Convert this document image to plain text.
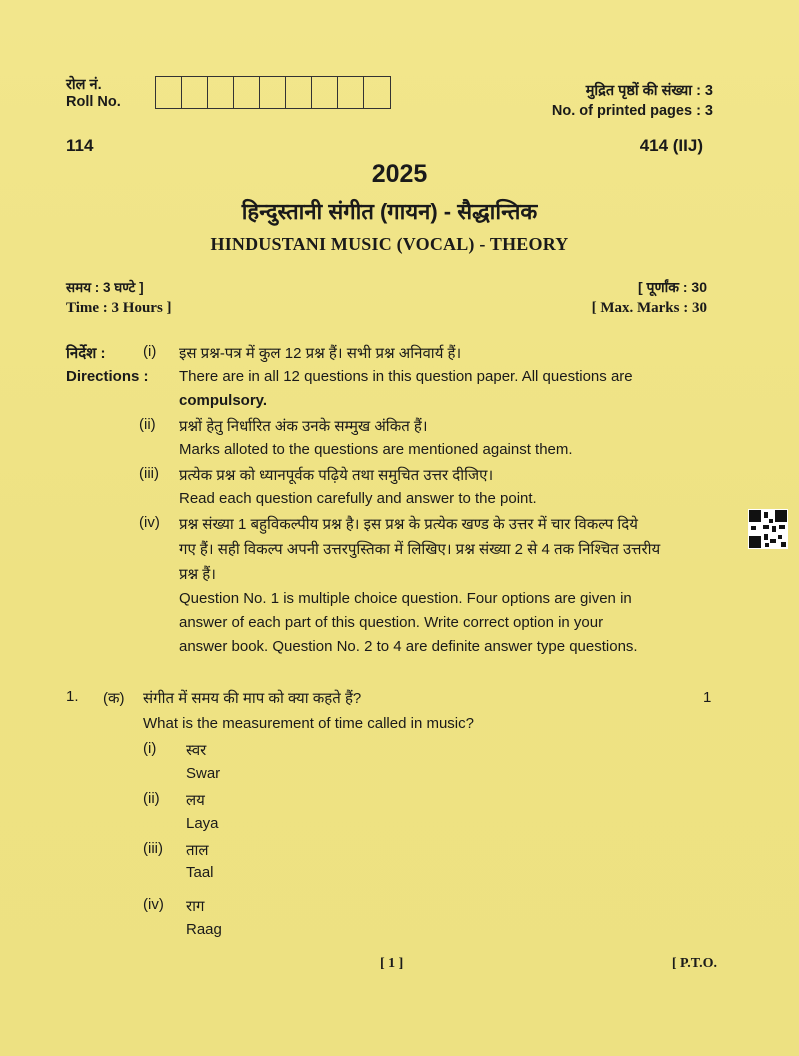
रोल नं.
Roll No.
मुद्रित पृष्ठों की संख्या : 3
No. of printed pages : 3
114	414 (IIJ)
2025
हिन्दुस्तानी संगीत (गायन) - सैद्धान्तिक
HINDUSTANI MUSIC (VOCAL) - THEORY
समय : 3 घण्टे ]
Time : 3 Hours ]
[ पूर्णांक : 30
[ Max. Marks : 30
निर्देश : (i) इस प्रश्न-पत्र में कुल 12 प्रश्न हैं। सभी प्रश्न अनिवार्य हैं।
Directions : There are in all 12 questions in this question paper. All questions are
compulsory.
(ii) प्रश्नों हेतु निर्धारित अंक उनके सम्मुख अंकित हैं।
Marks alloted to the questions are mentioned against them.
(iii) प्रत्येक प्रश्न को ध्यानपूर्वक पढ़िये तथा समुचित उत्तर दीजिए।
Read each question carefully and answer to the point.
(iv) प्रश्न संख्या 1 बहुविकल्पीय प्रश्न है। इस प्रश्न के प्रत्येक खण्ड के उत्तर में चार विकल्प दिये
गए हैं। सही विकल्प अपनी उत्तरपुस्तिका में लिखिए। प्रश्न संख्या 2 से 4 तक निश्चित उत्तरीय
प्रश्न हैं।
Question No. 1 is multiple choice question. Four options are given in
answer of each part of this question. Write correct option in your
answer book. Question No. 2 to 4 are definite answer type questions.
1. (क) संगीत में समय की माप को क्या कहते हैं?	1
What is the measurement of time called in music?
(i) स्वर
Swar
(ii) लय
Laya
(iii) ताल
Taal
(iv) राग
Raag
[ 1 ]	[ P.T.O.
